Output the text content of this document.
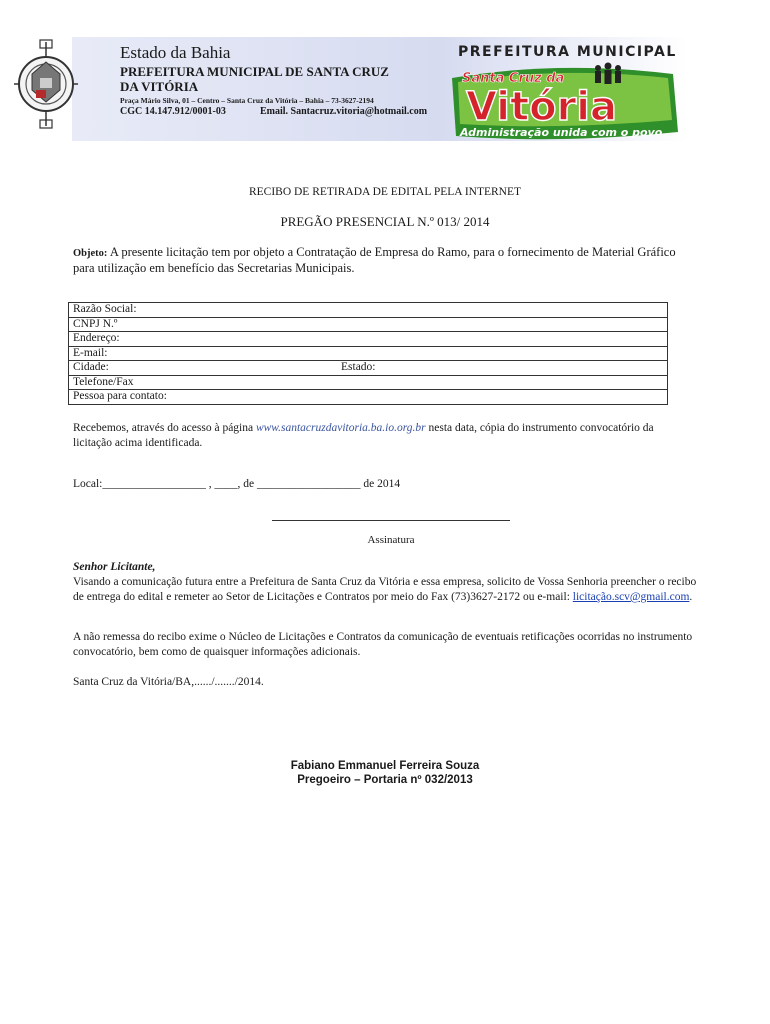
Estado da Bahia
PREFEITURA MUNICIPAL DE SANTA CRUZ
DA VITÓRIA
Praça Mário Silva, 01 – Centro – Santa Cruz da Vitória – Bahia – 73-3627-2194
CGC 14.147.912/0001-03	Email. Santacruz.vitoria@hotmail.com
PREFEITURA MUNICIPAL
Santa Cruz da
Vitória
Administração unida com o povo
RECIBO DE RETIRADA DE EDITAL PELA INTERNET
PREGÃO PRESENCIAL N.º 013/ 2014
Objeto: A presente licitação tem por objeto a Contratação de Empresa do Ramo, para o fornecimento de Material Gráfico para utilização em benefício das Secretarias Municipais.
Razão Social:
CNPJ N.º
Endereço:
E-mail:
Cidade:	Estado:
Telefone/Fax
Pessoa para contato:
Recebemos, através do acesso à página www.santacruzdavitoria.ba.io.org.br nesta data, cópia do instrumento convocatório da licitação acima identificada.
Local:__________________ , ____, de __________________ de 2014
Assinatura
Senhor Licitante,
Visando a comunicação futura entre a Prefeitura de Santa Cruz da Vitória e essa empresa, solicito de Vossa Senhoria preencher o recibo de entrega do edital e remeter ao Setor de Licitações e Contratos por meio do Fax (73)3627-2172 ou e-mail: licitação.scv@gmail.com.
A não remessa do recibo exime o Núcleo de Licitações e Contratos da comunicação de eventuais retificações ocorridas no instrumento convocatório, bem como de quaisquer informações adicionais.
Santa Cruz da Vitória/BA,....../......./2014.
Fabiano Emmanuel Ferreira Souza
Pregoeiro – Portaria nº 032/2013
